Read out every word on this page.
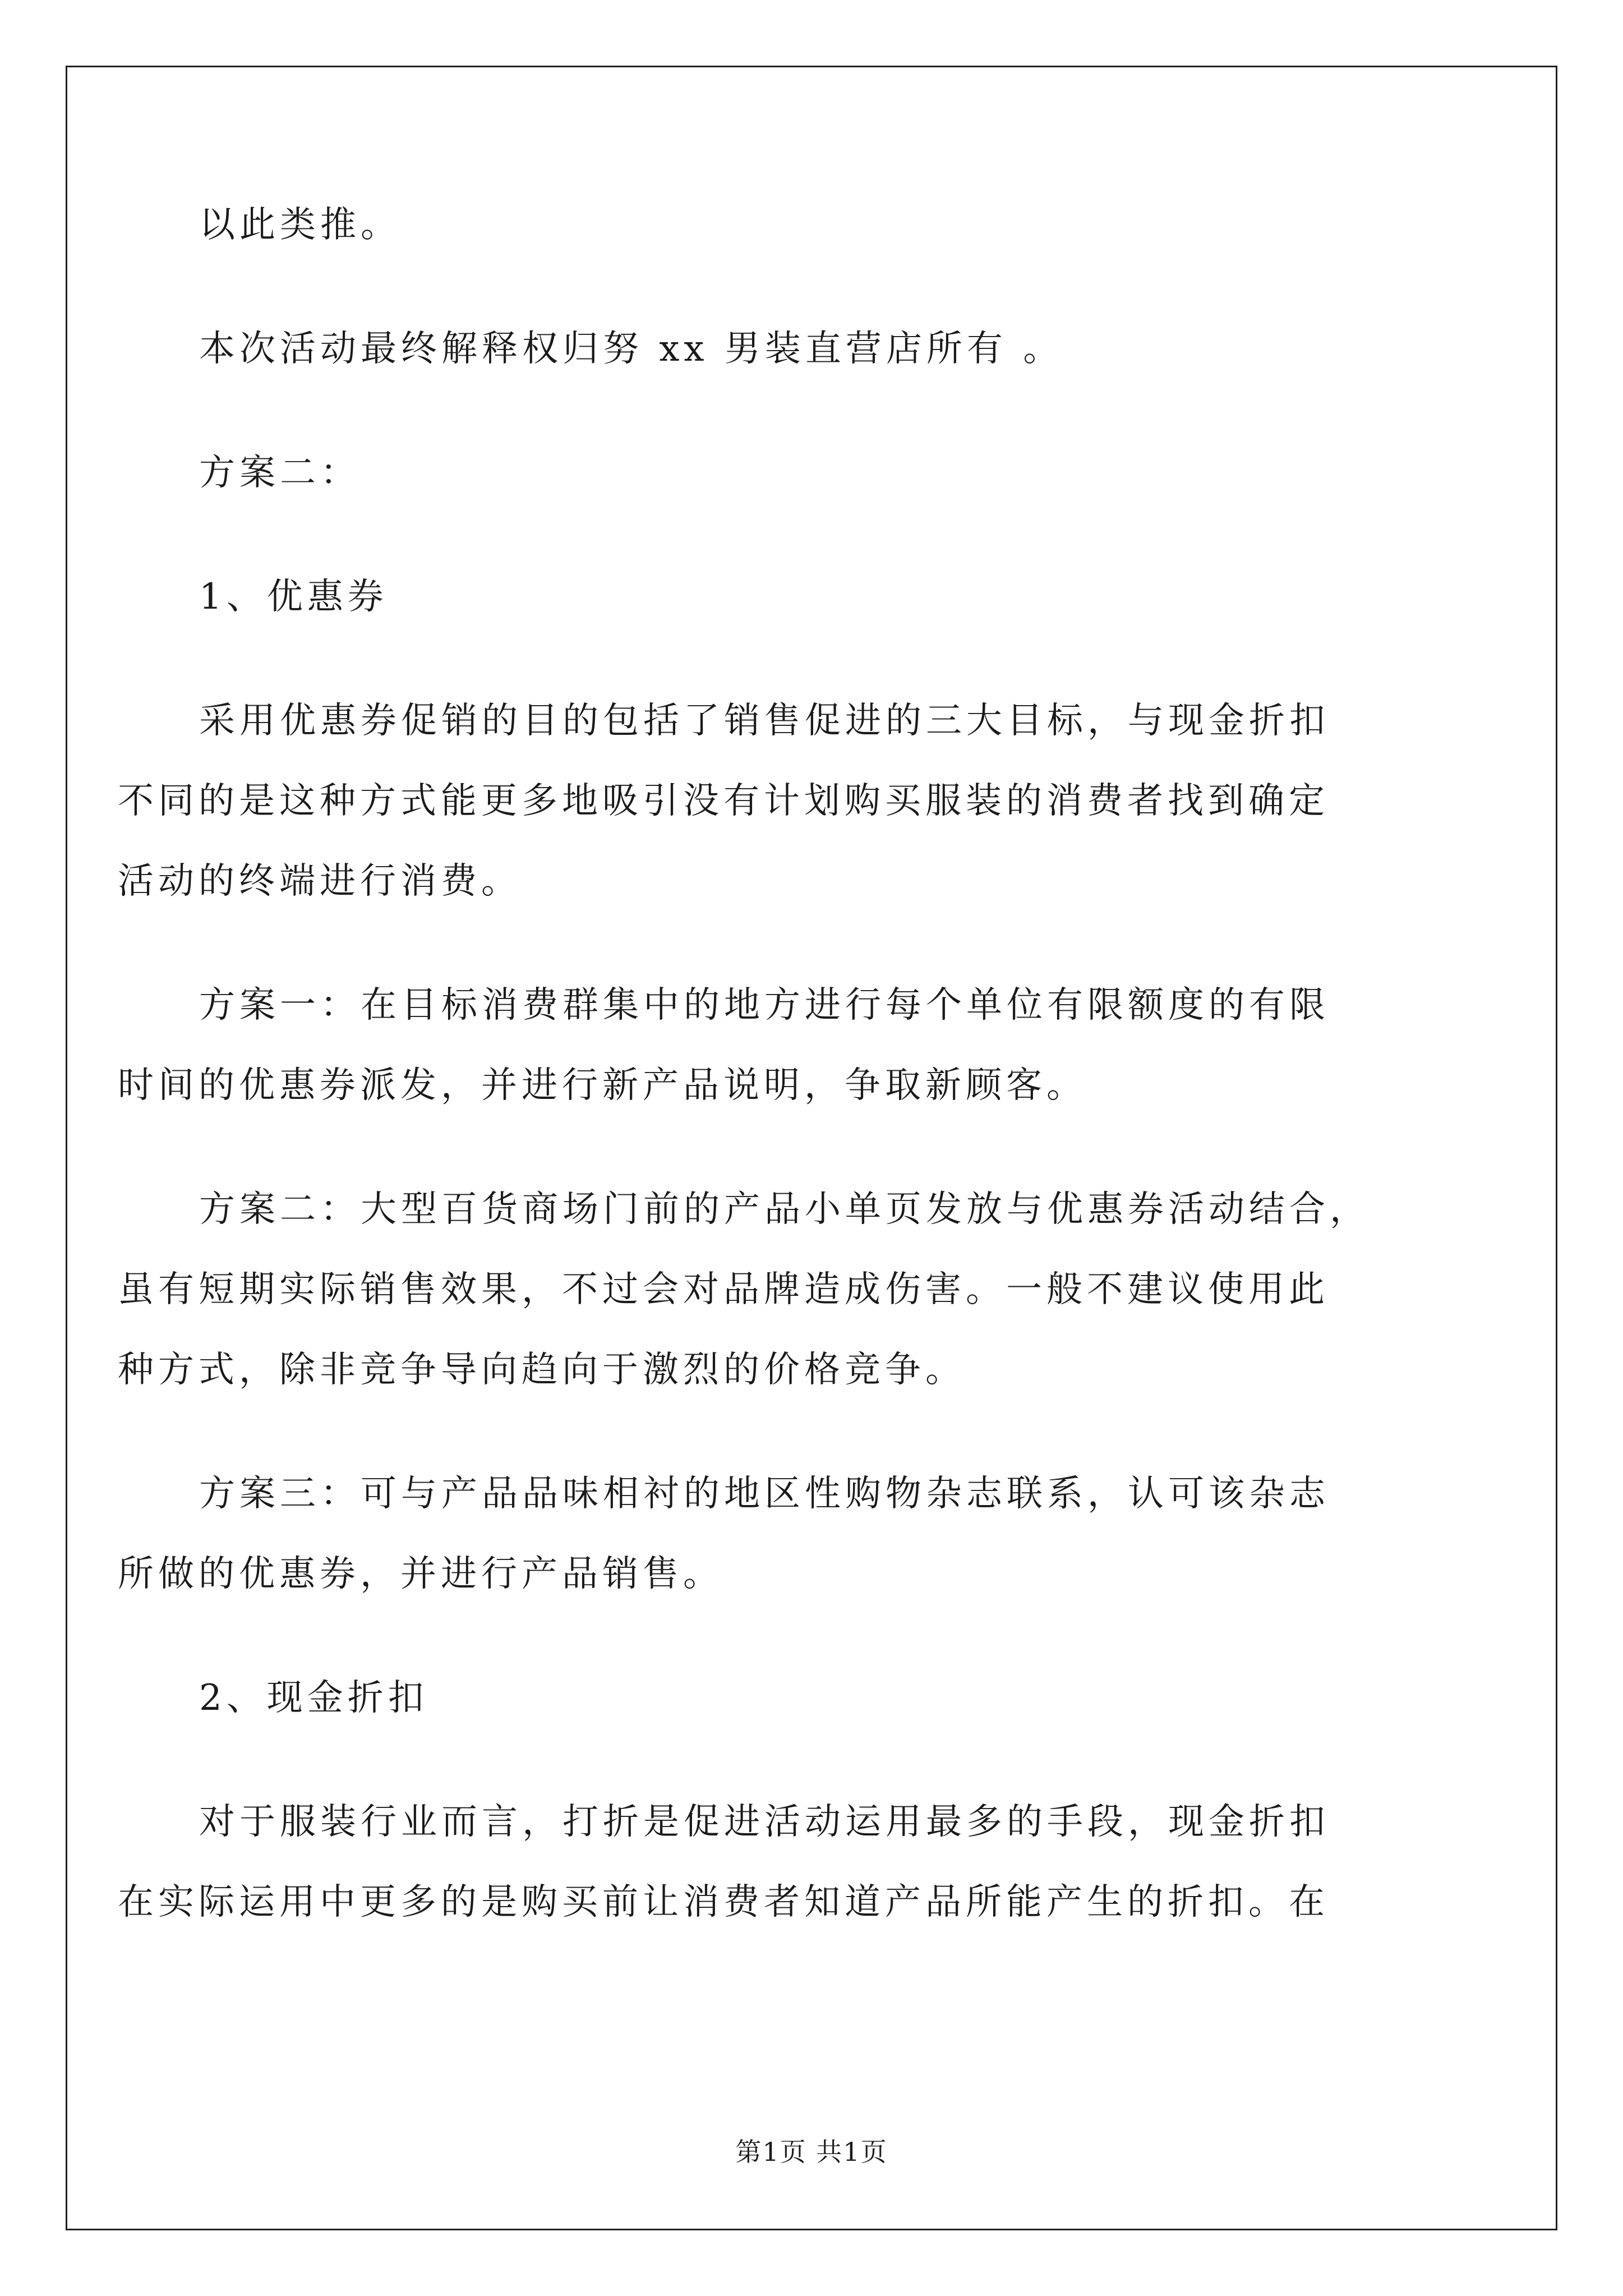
以此类推。
本次活动最终解释权归努 xx 男装直营店所有 。
方案二：
1、优惠券
采用优惠券促销的目的包括了销售促进的三大目标，与现金折扣
不同的是这种方式能更多地吸引没有计划购买服装的消费者找到确定
活动的终端进行消费。
方案一：在目标消费群集中的地方进行每个单位有限额度的有限
时间的优惠券派发，并进行新产品说明，争取新顾客。
方案二：大型百货商场门前的产品小单页发放与优惠券活动结合，
虽有短期实际销售效果，不过会对品牌造成伤害。一般不建议使用此
种方式，除非竞争导向趋向于激烈的价格竞争。
方案三：可与产品品味相衬的地区性购物杂志联系，认可该杂志
所做的优惠券，并进行产品销售。
2、现金折扣
对于服装行业而言，打折是促进活动运用最多的手段，现金折扣
在实际运用中更多的是购买前让消费者知道产品所能产生的折扣。在
第1页 共1页
